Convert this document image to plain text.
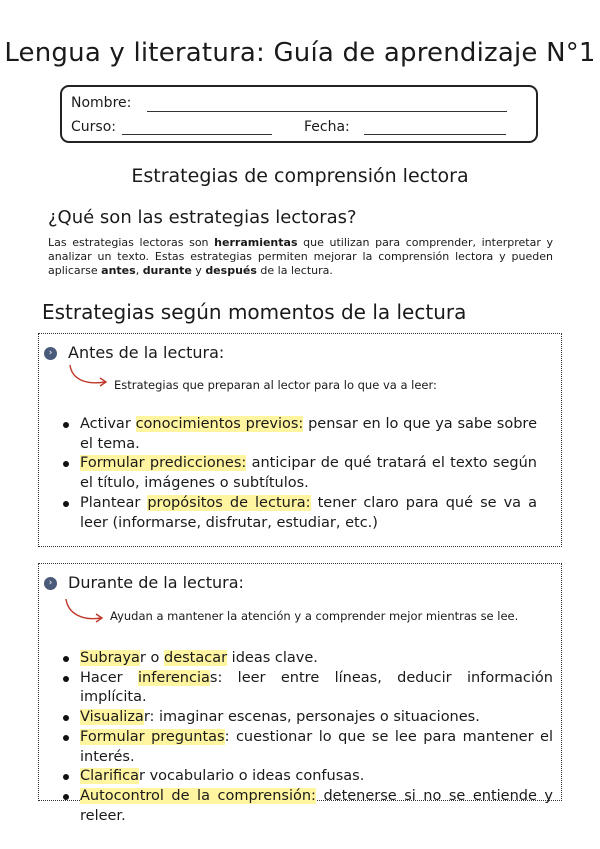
Lengua y literatura: Guía de aprendizaje N°1
Nombre:
Curso:	Fecha:
Estrategias de comprensión lectora
¿Qué son las estrategias lectoras?
Las estrategias lectoras son herramientas que utilizan para comprender, interpretar y analizar un texto. Estas estrategias permiten mejorar la comprensión lectora y pueden aplicarse antes, durante y después de la lectura.
Estrategias según momentos de la lectura
› Antes de la lectura:
Estrategias que preparan al lector para lo que va a leer:
Activar conocimientos previos: pensar en lo que ya sabe sobre el tema.
Formular predicciones: anticipar de qué tratará el texto según el título, imágenes o subtítulos.
Plantear propósitos de lectura: tener claro para qué se va a leer (informarse, disfrutar, estudiar, etc.)
› Durante de la lectura:
Ayudan a mantener la atención y a comprender mejor mientras se lee.
Subrayar o destacar ideas clave.
Hacer inferencias: leer entre líneas, deducir información implícita.
Visualizar: imaginar escenas, personajes o situaciones.
Formular preguntas: cuestionar lo que se lee para mantener el interés.
Clarificar vocabulario o ideas confusas.
Autocontrol de la comprensión: detenerse si no se entiende y releer.
